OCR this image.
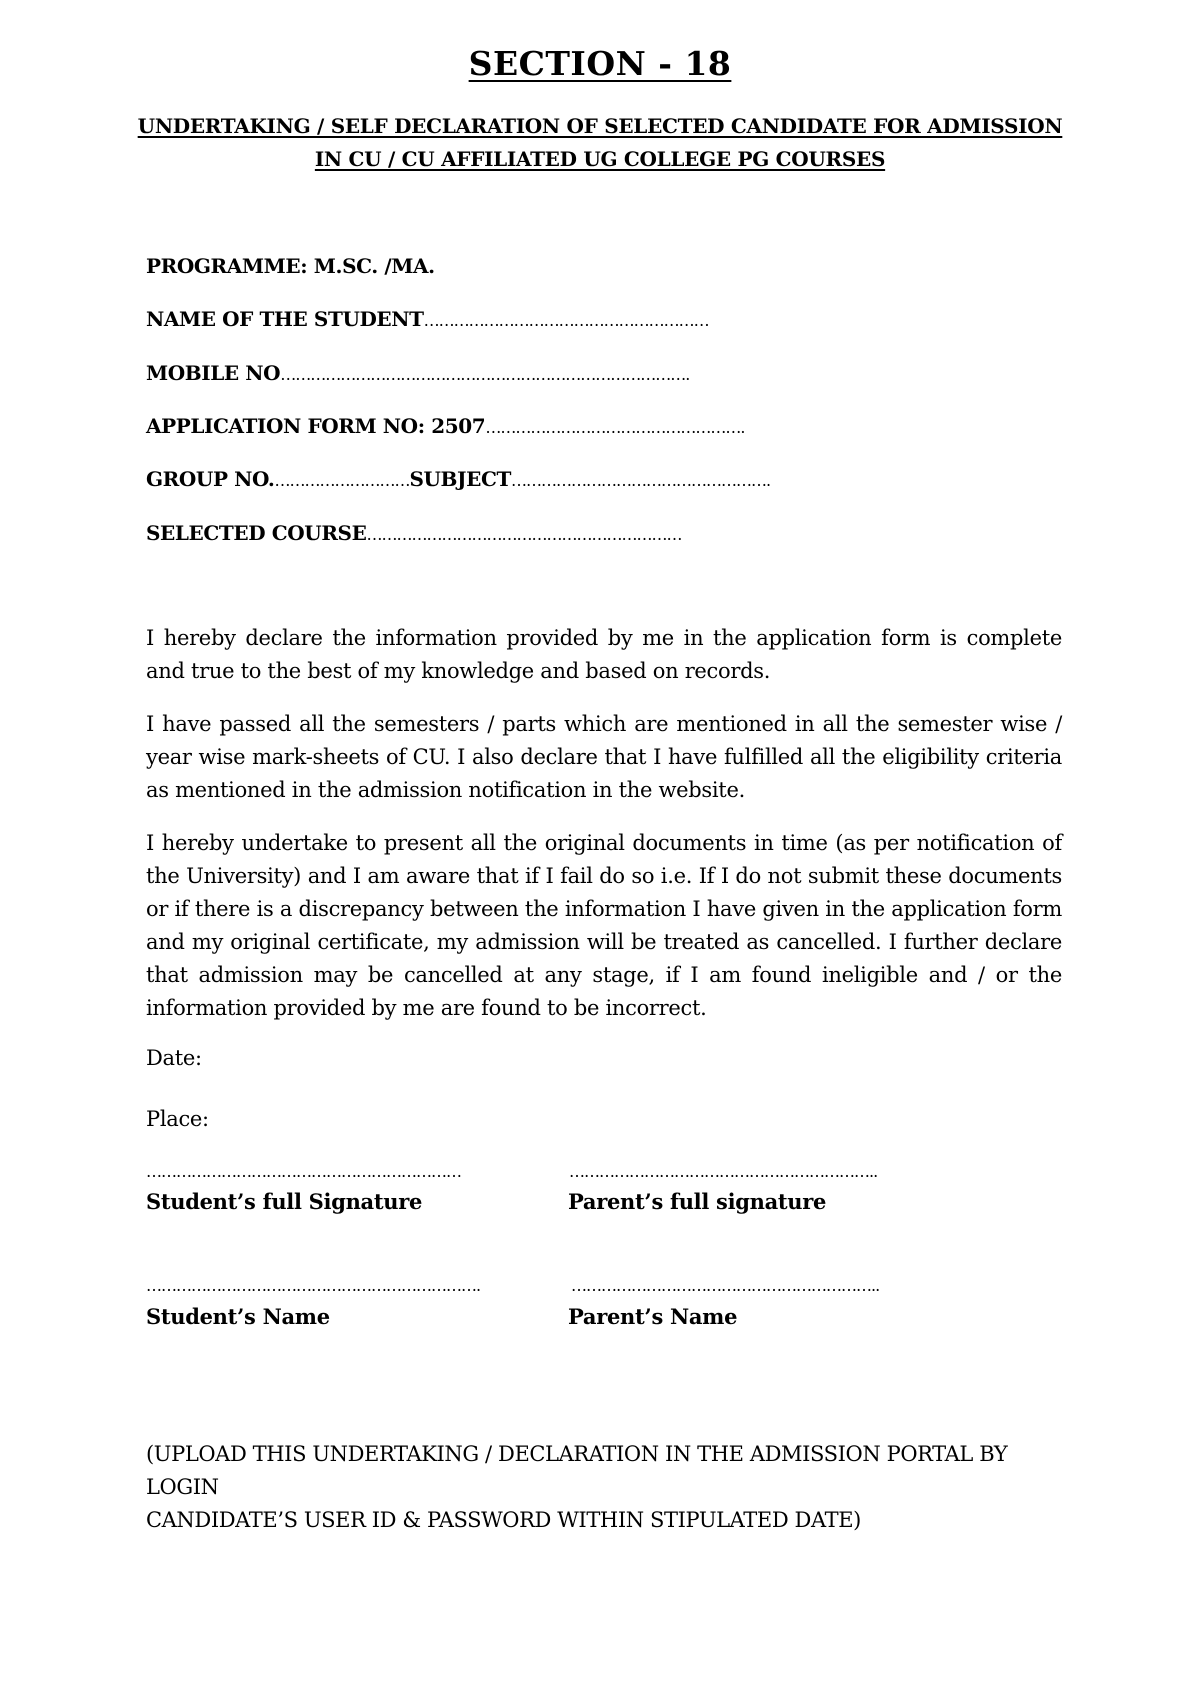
SECTION - 18
UNDERTAKING / SELF DECLARATION OF SELECTED CANDIDATE FOR ADMISSION
IN CU / CU AFFILIATED UG COLLEGE PG COURSES
PROGRAMME: M.SC. /MA.
NAME OF THE STUDENT…………………………………………………
MOBILE NO……………………………………………………………………….
APPLICATION FORM NO: 2507…………………………………………….
GROUP NO.………………………SUBJECT…………………………………………….
SELECTED COURSE………………………………………………………
I hereby declare the information provided by me in the application form is complete and true to the best of my knowledge and based on records.
I have passed all the semesters / parts which are mentioned in all the semester wise / year wise mark-sheets of CU. I also declare that I have fulfilled all the eligibility criteria as mentioned in the admission notification in the website.
I hereby undertake to present all the original documents in time (as per notification of the University) and I am aware that if I fail do so i.e. If I do not submit these documents or if there is a discrepancy between the information I have given in the application form and my original certificate, my admission will be treated as cancelled. I further declare that admission may be cancelled at any stage, if I am found ineligible and / or the information provided by me are found to be incorrect.
Date:
Place:
………………………………………………………	……………………………………………………..
Student’s full Signature	Parent’s full signature
………………………………………………………….	……………………………………………………..
Student’s Name	Parent’s Name
(UPLOAD THIS UNDERTAKING / DECLARATION IN THE ADMISSION PORTAL BY LOGIN
CANDIDATE’S USER ID & PASSWORD WITHIN STIPULATED DATE)
